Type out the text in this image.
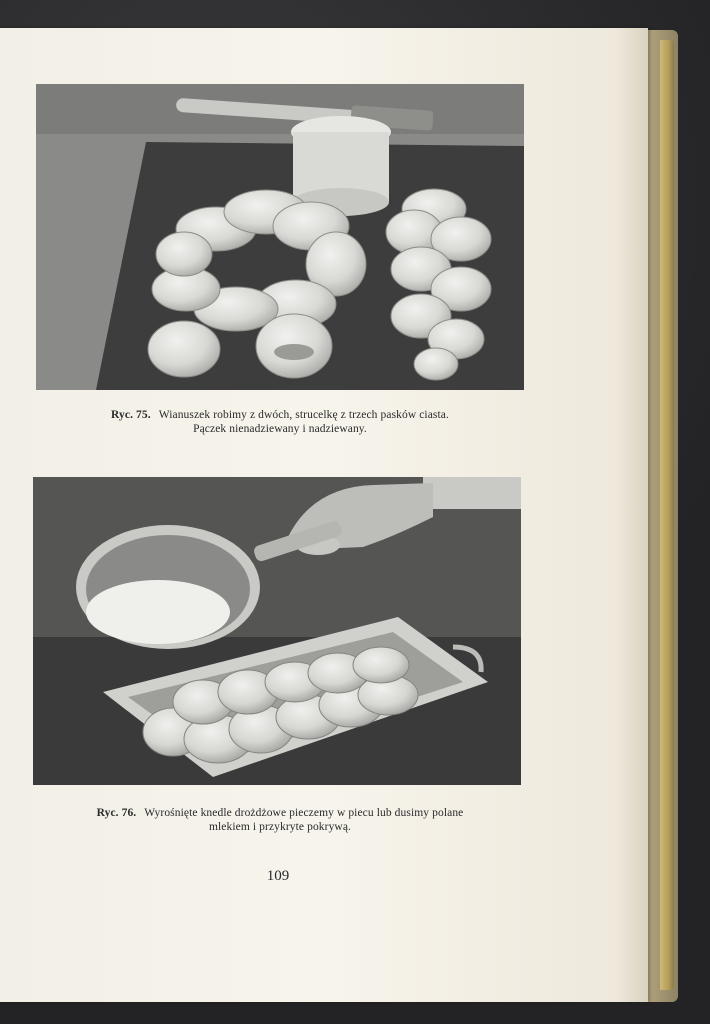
Ryc. 75. Wianuszek robimy z dwóch, strucelkę z trzech pasków ciasta.
Pączek nienadziewany i nadziewany.
Ryc. 76. Wyrośnięte knedle drożdżowe pieczemy w piecu lub dusimy polane
mlekiem i przykryte pokrywą.
109
